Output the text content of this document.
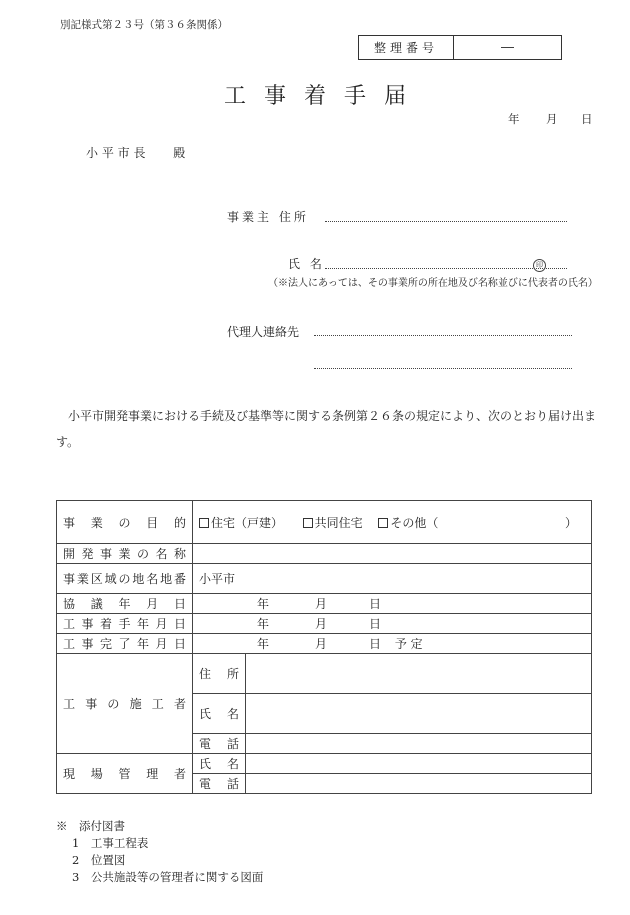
別記様式第２３号（第３６条関係）
整理番号	―
工事着手届
年 月 日
小 平 市 長　　 殿
事業主 住所
氏 名	印
（※法人にあっては、その事業所の所在地及び名称並びに代表者の氏名）
代理人連絡先
小平市開発事業における手続及び基準等に関する条例第２６条の規定により、次のとおり届け出ます。
事業の目的	住宅（戸建） 共同住宅 その他（ ）	

開発事業の名称		
事業区域の地名地番	小平市	
協議年月日	年 月 日	
工事着手年月日	年 月 日	
工事完了年月日	年 月 日 予 定	
工事の施工者	住所	
	氏名	
	電話	
現場管理者	氏名	
	電話	
※　添付図書
1　工事工程表
2　位置図
3　公共施設等の管理者に関する図面
